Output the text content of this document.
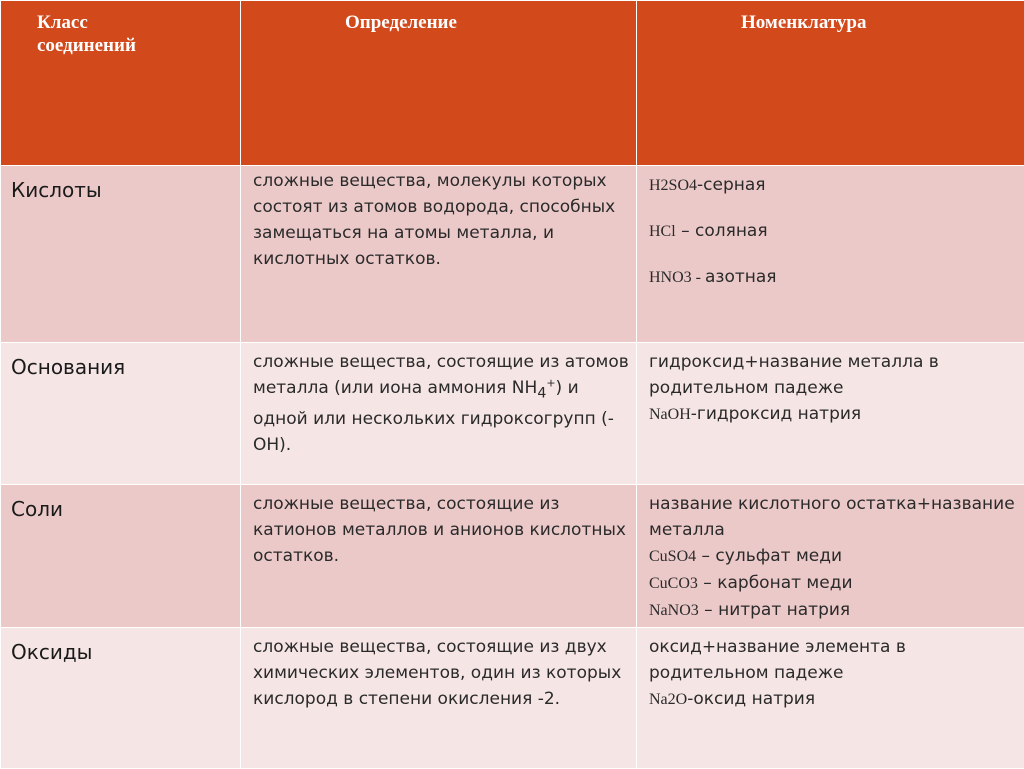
Класс
соединений	Определение	Номенклатура

Кислоты	сложные вещества, молекулы которых состоят из атомов водорода, способных замещаться на атомы металла, и кислотных остатков.	H2SO4-серная

HCl – соляная

HNO3 - азотная

Основания	сложные вещества, состоящие из атомов металла (или иона аммония $NH_4^+$) и одной или нескольких гидроксогрупп (-ОН).	гидроксид+название металла в родительном падеже

NaOH-гидроксид натрия

Соли	сложные вещества, состоящие из катионов металлов и анионов кислотных остатков.	название кислотного остатка+название металла

CuSO4 – сульфат меди

CuCO3 – карбонат меди

NaNO3 – нитрат натрия

Оксиды	сложные вещества, состоящие из двух химических элементов, один из которых кислород в степени окисления -2.	оксид+название элемента в родительном падеже

Na2O-оксид натрия
